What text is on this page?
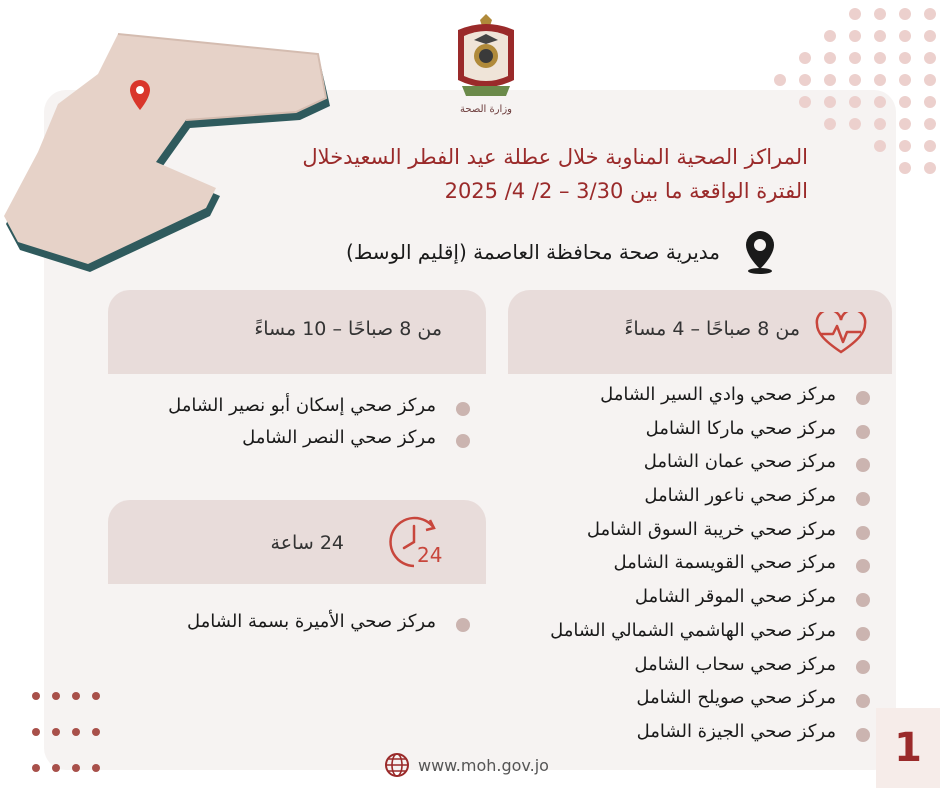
وزارة الصحة
المراكز الصحية المناوبة خلال عطلة عيد الفطر السعيدخلال
الفترة الواقعة ما بين 3/30 – 2/ 4/ 2025
مديرية صحة محافظة العاصمة (إقليم الوسط)
من 8 صباحًا – 4 مساءً
مركز صحي وادي السير الشامل
مركز صحي ماركا الشامل
مركز صحي عمان الشامل
مركز صحي ناعور الشامل
مركز صحي خريبة السوق الشامل
مركز صحي القويسمة الشامل
مركز صحي الموقر الشامل
مركز صحي الهاشمي الشمالي الشامل
مركز صحي سحاب الشامل
مركز صحي صويلح الشامل
مركز صحي الجيزة الشامل
من 8 صباحًا – 10 مساءً
مركز صحي إسكان أبو نصير الشامل
مركز صحي النصر الشامل
24 ساعة	24
مركز صحي الأميرة بسمة الشامل
1
www.moh.gov.jo
